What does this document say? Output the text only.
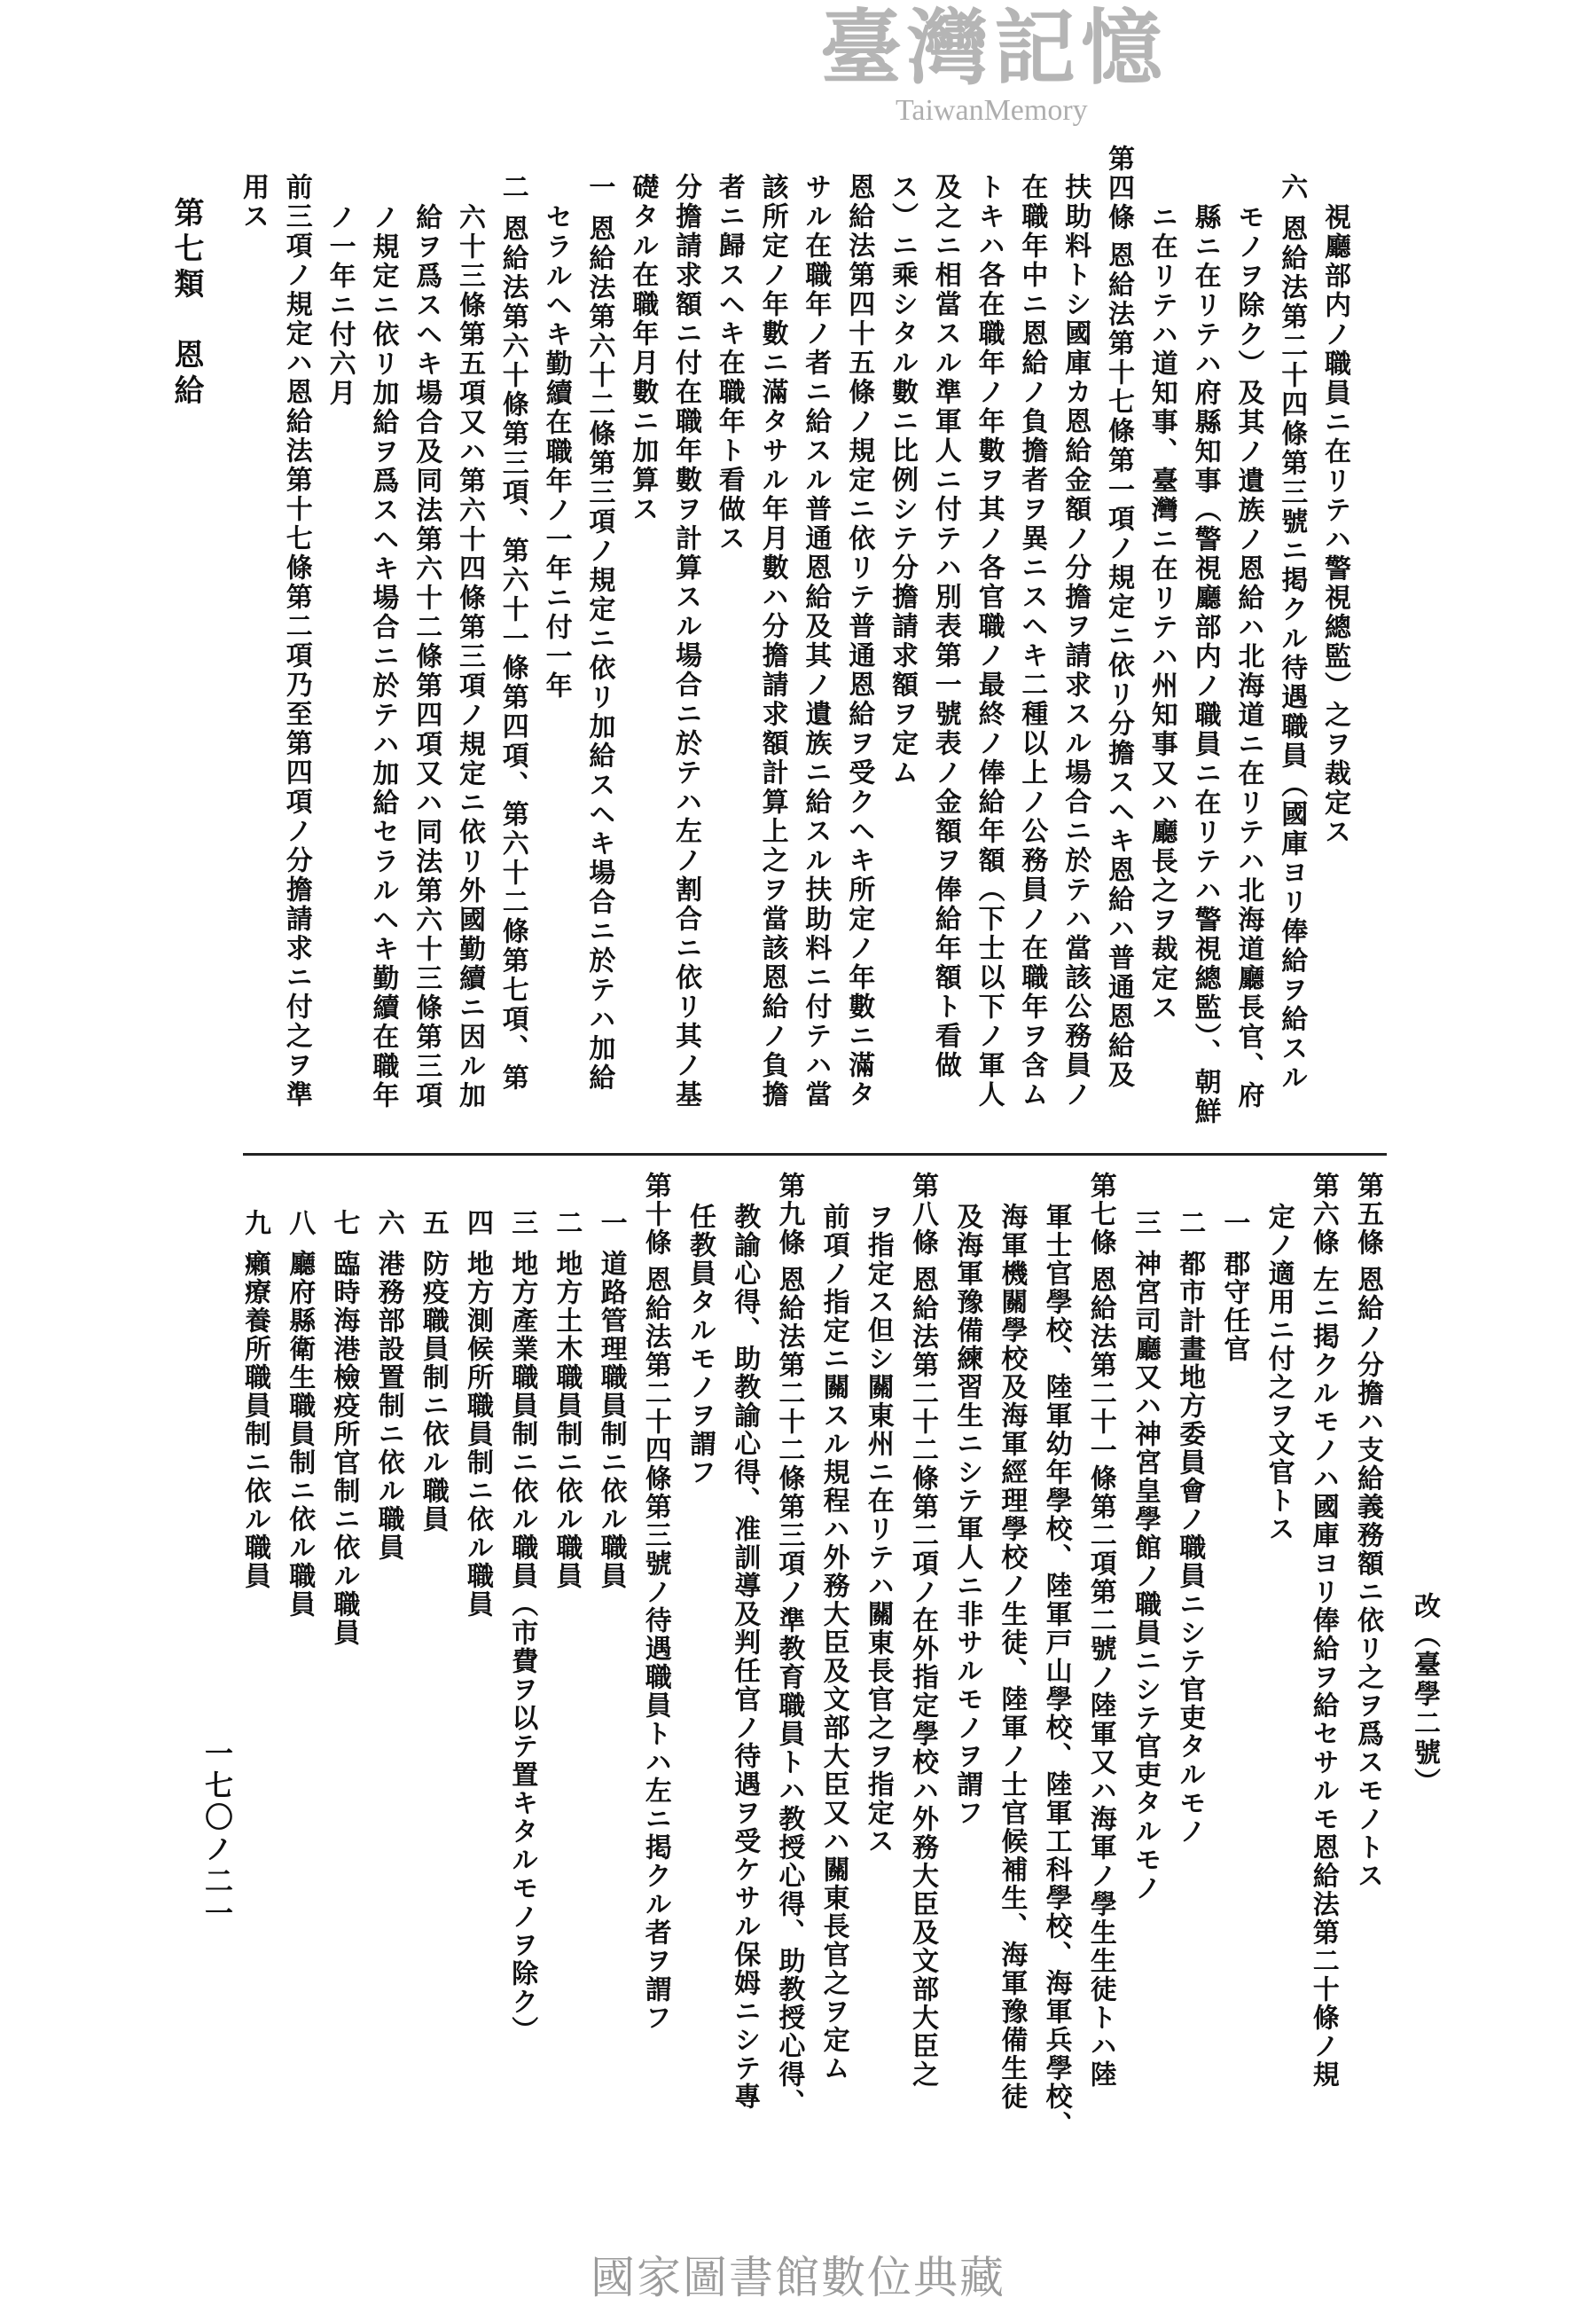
改（臺學二號）
第七類　恩給
一七〇ノ二一
視廳部内ノ職員ニ在リテハ警視總監）之ヲ裁定ス
六恩給法第二十四條第三號ニ掲クル待遇職員（國庫ヨリ俸給ヲ給スル
モノヲ除ク）及其ノ遺族ノ恩給ハ北海道ニ在リテハ北海道廳長官、府
縣ニ在リテハ府縣知事（警視廳部内ノ職員ニ在リテハ警視總監）、朝鮮
ニ在リテハ道知事、臺灣ニ在リテハ州知事又ハ廳長之ヲ裁定ス
第四條恩給法第十七條第一項ノ規定ニ依リ分擔スヘキ恩給ハ普通恩給及
扶助料トシ國庫カ恩給金額ノ分擔ヲ請求スル場合ニ於テハ當該公務員ノ
在職年中ニ恩給ノ負擔者ヲ異ニスヘキ二種以上ノ公務員ノ在職年ヲ含ム
トキハ各在職年ノ年數ヲ其ノ各官職ノ最終ノ俸給年額（下士以下ノ軍人
及之ニ相當スル準軍人ニ付テハ別表第一號表ノ金額ヲ俸給年額ト看做
ス）ニ乘シタル數ニ比例シテ分擔請求額ヲ定ム
恩給法第四十五條ノ規定ニ依リテ普通恩給ヲ受クヘキ所定ノ年數ニ滿タ
サル在職年ノ者ニ給スル普通恩給及其ノ遺族ニ給スル扶助料ニ付テハ當
該所定ノ年數ニ滿タサル年月數ハ分擔請求額計算上之ヲ當該恩給ノ負擔
者ニ歸スヘキ在職年ト看做ス
分擔請求額ニ付在職年數ヲ計算スル場合ニ於テハ左ノ割合ニ依リ其ノ基
礎タル在職年月數ニ加算ス
一恩給法第六十二條第三項ノ規定ニ依リ加給スヘキ場合ニ於テハ加給
セラルヘキ勤續在職年ノ一年ニ付一年
二恩給法第六十條第三項、第六十一條第四項、第六十二條第七項、第
六十三條第五項又ハ第六十四條第三項ノ規定ニ依リ外國勤續ニ因ル加
給ヲ爲スヘキ場合及同法第六十二條第四項又ハ同法第六十三條第三項
ノ規定ニ依リ加給ヲ爲スヘキ場合ニ於テハ加給セラルヘキ勤續在職年
ノ一年ニ付六月
前三項ノ規定ハ恩給法第十七條第二項乃至第四項ノ分擔請求ニ付之ヲ準
用ス
第五條恩給ノ分擔ハ支給義務額ニ依リ之ヲ爲スモノトス
第六條左ニ掲クルモノハ國庫ヨリ俸給ヲ給セサルモ恩給法第二十條ノ規
定ノ適用ニ付之ヲ文官トス
一郡守任官
二都市計畫地方委員會ノ職員ニシテ官吏タルモノ
三神宮司廳又ハ神宮皇學館ノ職員ニシテ官吏タルモノ
第七條恩給法第二十一條第二項第二號ノ陸軍又ハ海軍ノ學生生徒トハ陸
軍士官學校、陸軍幼年學校、陸軍戸山學校、陸軍工科學校、海軍兵學校、
海軍機關學校及海軍經理學校ノ生徒、陸軍ノ士官候補生、海軍豫備生徒
及海軍豫備練習生ニシテ軍人ニ非サルモノヲ謂フ
第八條恩給法第二十二條第二項ノ在外指定學校ハ外務大臣及文部大臣之
ヲ指定ス但シ關東州ニ在リテハ關東長官之ヲ指定ス
前項ノ指定ニ關スル規程ハ外務大臣及文部大臣又ハ關東長官之ヲ定ム
第九條恩給法第二十二條第三項ノ準教育職員トハ教授心得、助教授心得、
教諭心得、助教諭心得、准訓導及判任官ノ待遇ヲ受ケサル保姆ニシテ專
任教員タルモノヲ謂フ
第十條恩給法第二十四條第三號ノ待遇職員トハ左ニ掲クル者ヲ謂フ
一道路管理職員制ニ依ル職員
二地方土木職員制ニ依ル職員
三地方產業職員制ニ依ル職員（市費ヲ以テ置キタルモノヲ除ク）
四地方測候所職員制ニ依ル職員
五防疫職員制ニ依ル職員
六港務部設置制ニ依ル職員
七臨時海港檢疫所官制ニ依ル職員
八廳府縣衛生職員制ニ依ル職員
九癩療養所職員制ニ依ル職員
臺灣記憶
TaiwanMemory
國家圖書館數位典藏
